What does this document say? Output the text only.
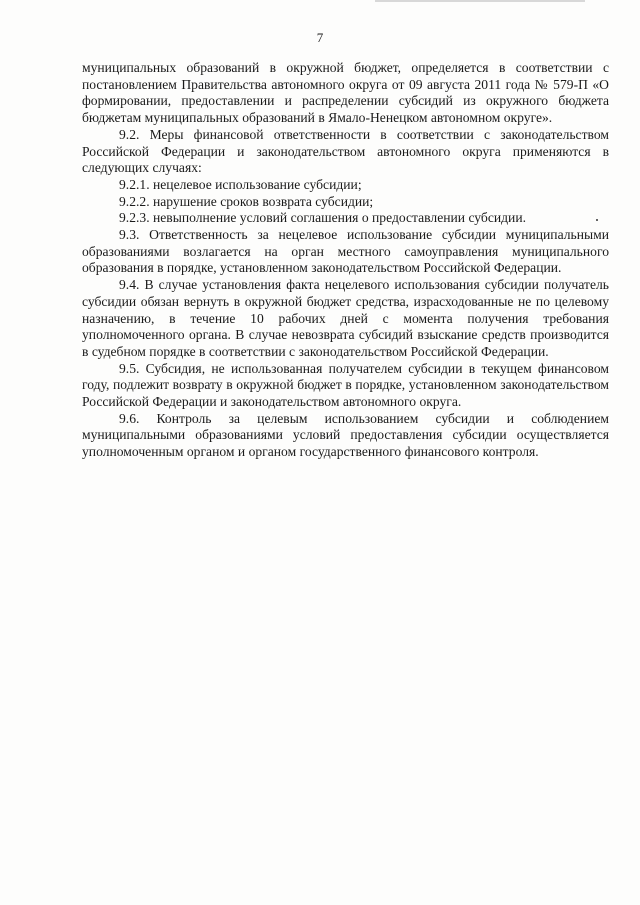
7

муниципальных образований в окружной бюджет, определяется в соответствии с постановлением Правительства автономного округа от 09 августа 2011 года № 579-П «О формировании, предоставлении и распределении субсидий из окружного бюджета бюджетам муниципальных образований в Ямало-Ненецком автономном округе».

9.2. Меры финансовой ответственности в соответствии с законодательством Российской Федерации и законодательством автономного округа применяются в следующих случаях:

9.2.1. нецелевое использование субсидии;

9.2.2. нарушение сроков возврата субсидии;

9.2.3. невыполнение условий соглашения о предоставлении субсидии.

9.3. Ответственность за нецелевое использование субсидии муниципальными образованиями возлагается на орган местного самоуправления муниципального образования в порядке, установленном законодательством Российской Федерации.

9.4. В случае установления факта нецелевого использования субсидии получатель субсидии обязан вернуть в окружной бюджет средства, израсходованные не по целевому назначению, в течение 10 рабочих дней с момента получения требования уполномоченного органа. В случае невозврата субсидий взыскание средств производится в судебном порядке в соответствии с законодательством Российской Федерации.

9.5. Субсидия, не использованная получателем субсидии в текущем финансовом году, подлежит возврату в окружной бюджет в порядке, установленном законодательством Российской Федерации и законодательством автономного округа.

9.6. Контроль за целевым использованием субсидии и соблюдением муниципальными образованиями условий предоставления субсидии осуществляется уполномоченным органом и органом государственного финансового контроля.
